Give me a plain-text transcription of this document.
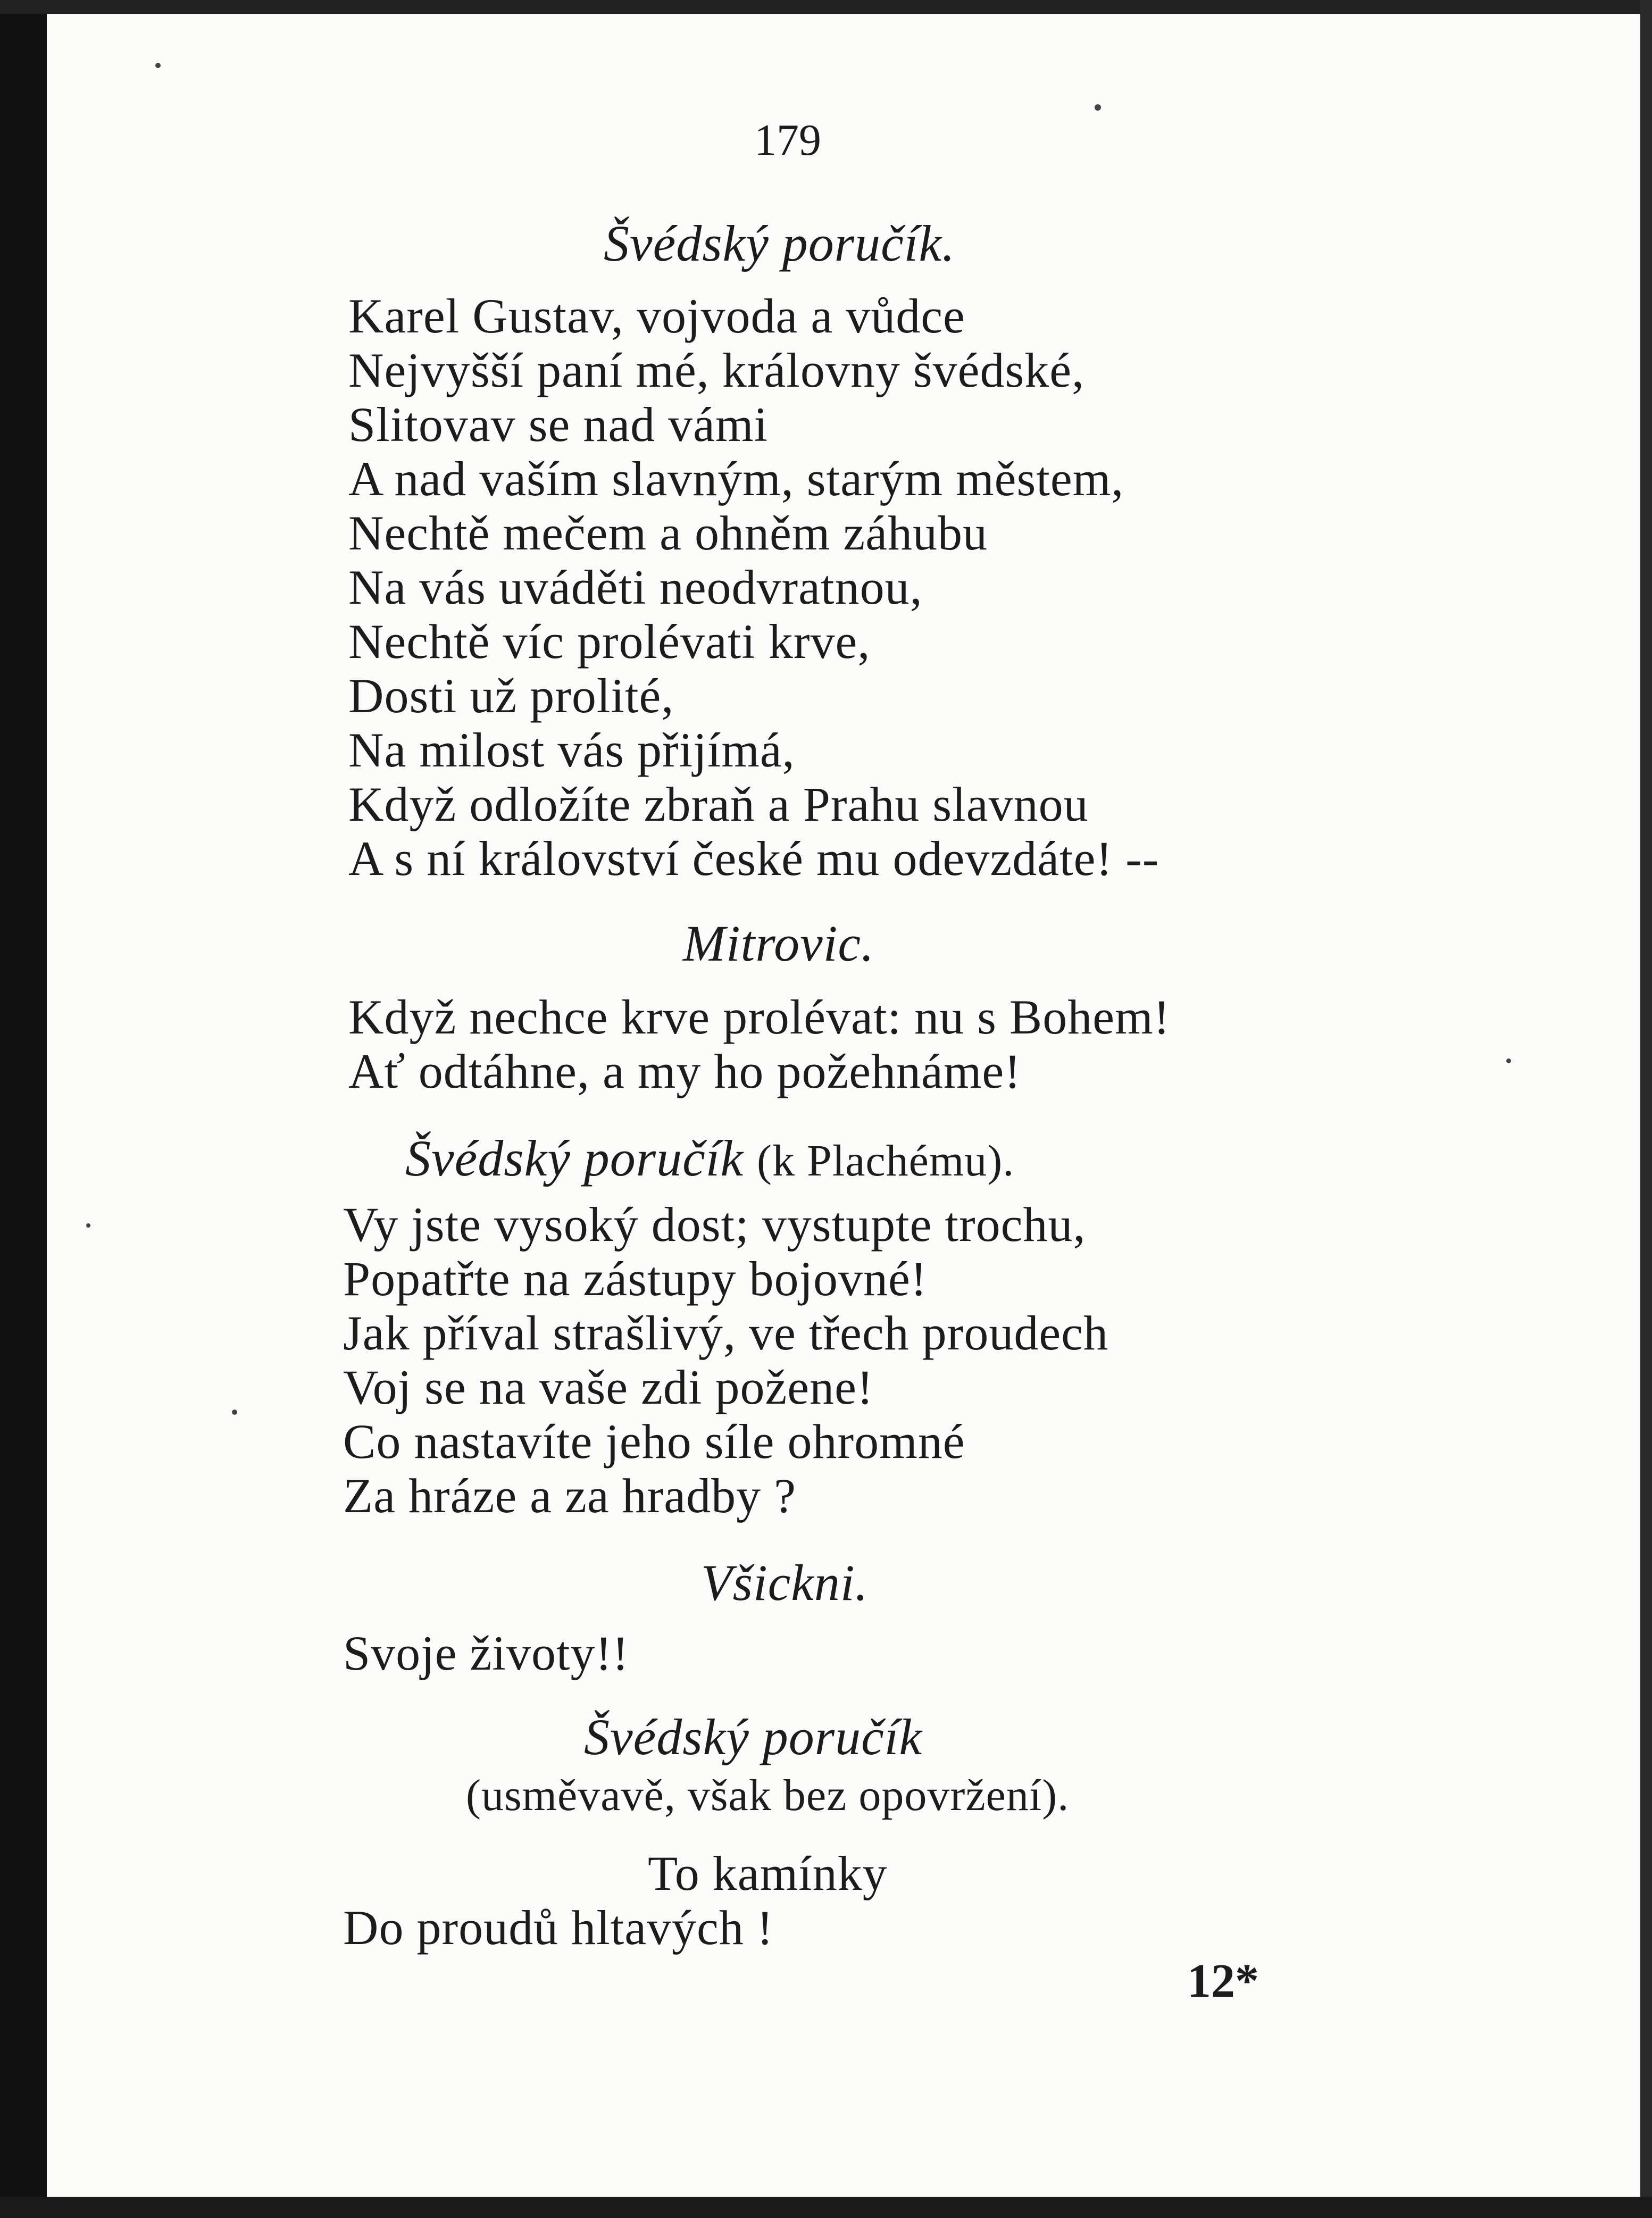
179
Švédský poručík.
Karel Gustav, vojvoda a vůdce
Nejvyšší paní mé, královny švédské,
Slitovav se nad vámi
A nad vaším slavným, starým městem,
Nechtě mečem a ohněm záhubu
Na vás uváděti neodvratnou,
Nechtě víc prolévati krve,
Dosti už prolité,
Na milost vás přijímá,
Když odložíte zbraň a Prahu slavnou
A s ní království české mu odevzdáte! --
Mitrovic.
Když nechce krve prolévat: nu s Bohem!
Ať odtáhne, a my ho požehnáme!
Švédský poručík (k Plachému).
Vy jste vysoký dost; vystupte trochu,
Popatřte na zástupy bojovné!
Jak příval strašlivý, ve třech proudech
Voj se na vaše zdi požene!
Co nastavíte jeho síle ohromné
Za hráze a za hradby ?
Všickni.
Svoje životy!!
Švédský poručík
(usměvavě, však bez opovržení).
To kamínky
Do proudů hltavých !
12*
